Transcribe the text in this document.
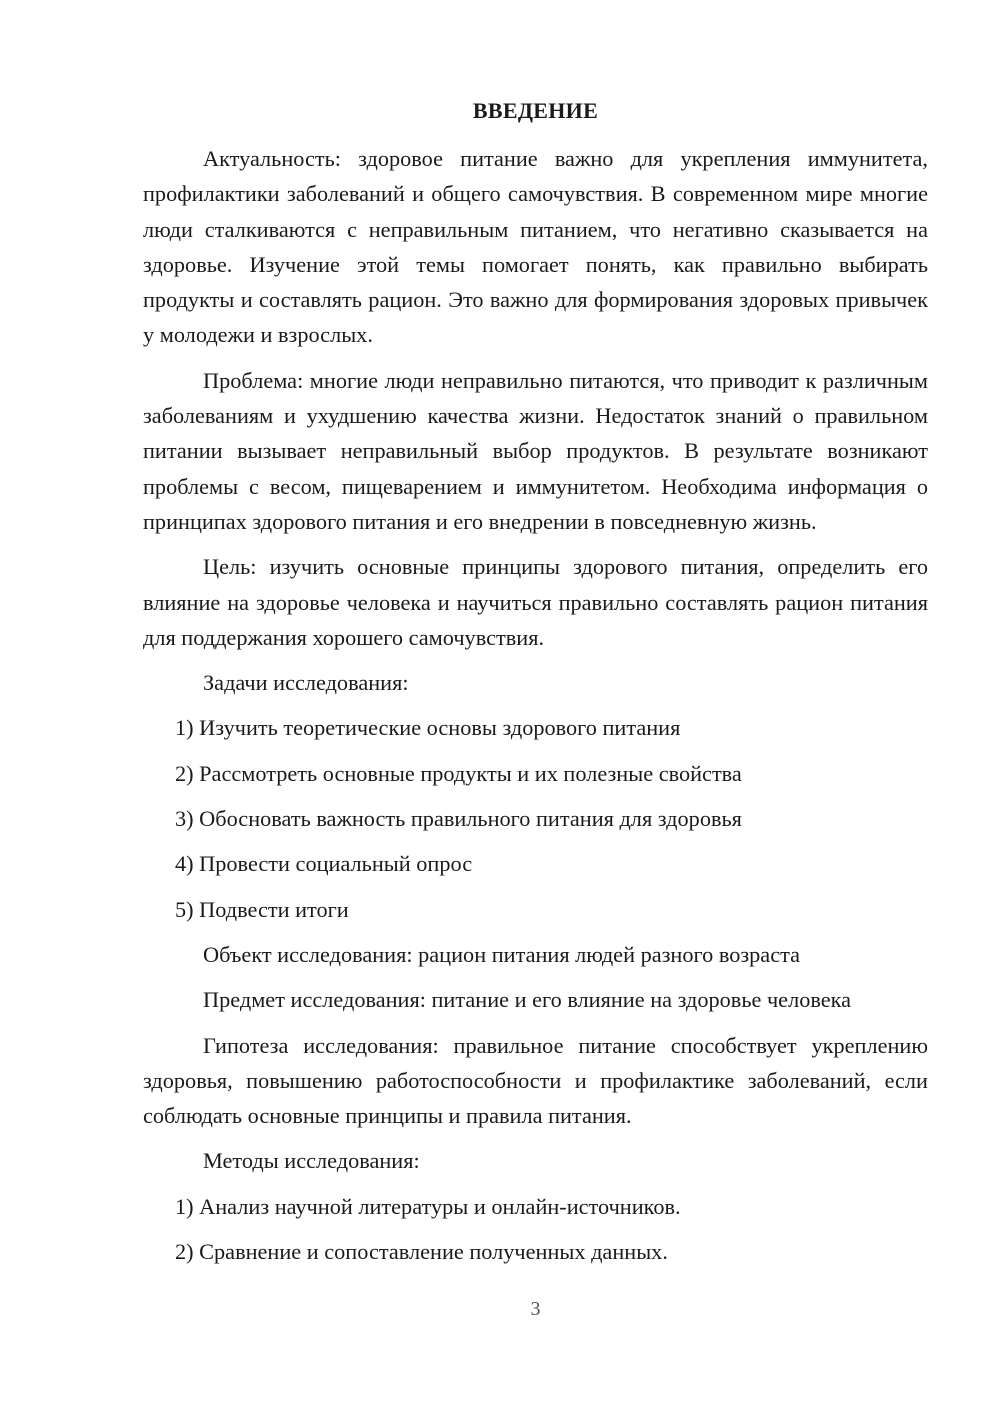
ВВЕДЕНИЕ

Актуальность: здоровое питание важно для укрепления иммунитета, профилактики заболеваний и общего самочувствия. В современном мире многие люди сталкиваются с неправильным питанием, что негативно сказывается на здоровье. Изучение этой темы помогает понять, как правильно выбирать продукты и составлять рацион. Это важно для формирования здоровых привычек у молодежи и взрослых.

Проблема: многие люди неправильно питаются, что приводит к различным заболеваниям и ухудшению качества жизни. Недостаток знаний о правильном питании вызывает неправильный выбор продуктов. В результате возникают проблемы с весом, пищеварением и иммунитетом. Необходима информация о принципах здорового питания и его внедрении в повседневную жизнь.

Цель: изучить основные принципы здорового питания, определить его влияние на здоровье человека и научиться правильно составлять рацион питания для поддержания хорошего самочувствия.

Задачи исследования:
1) Изучить теоретические основы здорового питания
2) Рассмотреть основные продукты и их полезные свойства
3) Обосновать важность правильного питания для здоровья
4) Провести социальный опрос
5) Подвести итоги
Объект исследования: рацион питания людей разного возраста
Предмет исследования: питание и его влияние на здоровье человека

Гипотеза исследования: правильное питание способствует укреплению здоровья, повышению работоспособности и профилактике заболеваний, если соблюдать основные принципы и правила питания.

Методы исследования:
1) Анализ научной литературы и онлайн-источников.
2) Сравнение и сопоставление полученных данных.
3
